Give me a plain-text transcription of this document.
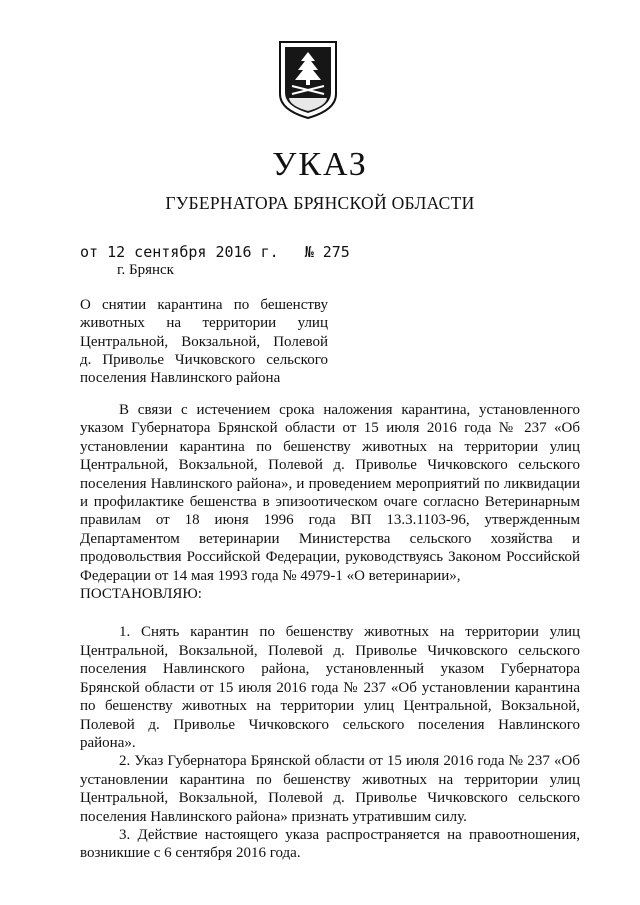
УКАЗ
ГУБЕРНАТОРА БРЯНСКОЙ ОБЛАСТИ
от 12 сентября 2016 г. № 275
г. Брянск
О снятии карантина по бешенству
животных на территории улиц
Центральной, Вокзальной, Полевой
д. Приволье Чичковского сельского
поселения Навлинского района

В связи с истечением срока наложения карантина, установленного указом Губернатора Брянской области от 15 июля 2016 года № 237 «Об установлении карантина по бешенству животных на территории улиц Центральной, Вокзальной, Полевой д. Приволье Чичковского сельского поселения Навлинского района», и проведением мероприятий по ликвидации и профилактике бешенства в эпизоотическом очаге согласно Ветеринарным правилам от 18 июня 1996 года ВП 13.3.1103-96, утвержденным Департаментом ветеринарии Министерства сельского хозяйства и продовольствия Российской Федерации, руководствуясь Законом Российской Федерации от 14 мая 1993 года № 4979-1 «О ветеринарии»,

ПОСТАНОВЛЯЮ:

1. Снять карантин по бешенству животных на территории улиц Центральной, Вокзальной, Полевой д. Приволье Чичковского сельского поселения Навлинского района, установленный указом Губернатора Брянской области от 15 июля 2016 года № 237 «Об установлении карантина по бешенству животных на территории улиц Центральной, Вокзальной, Полевой д. Приволье Чичковского сельского поселения Навлинского района».

2. Указ Губернатора Брянской области от 15 июля 2016 года № 237 «Об установлении карантина по бешенству животных на территории улиц Центральной, Вокзальной, Полевой д. Приволье Чичковского сельского поселения Навлинского района» признать утратившим силу.

3. Действие настоящего указа распространяется на правоотношения, возникшие с 6 сентября 2016 года.
